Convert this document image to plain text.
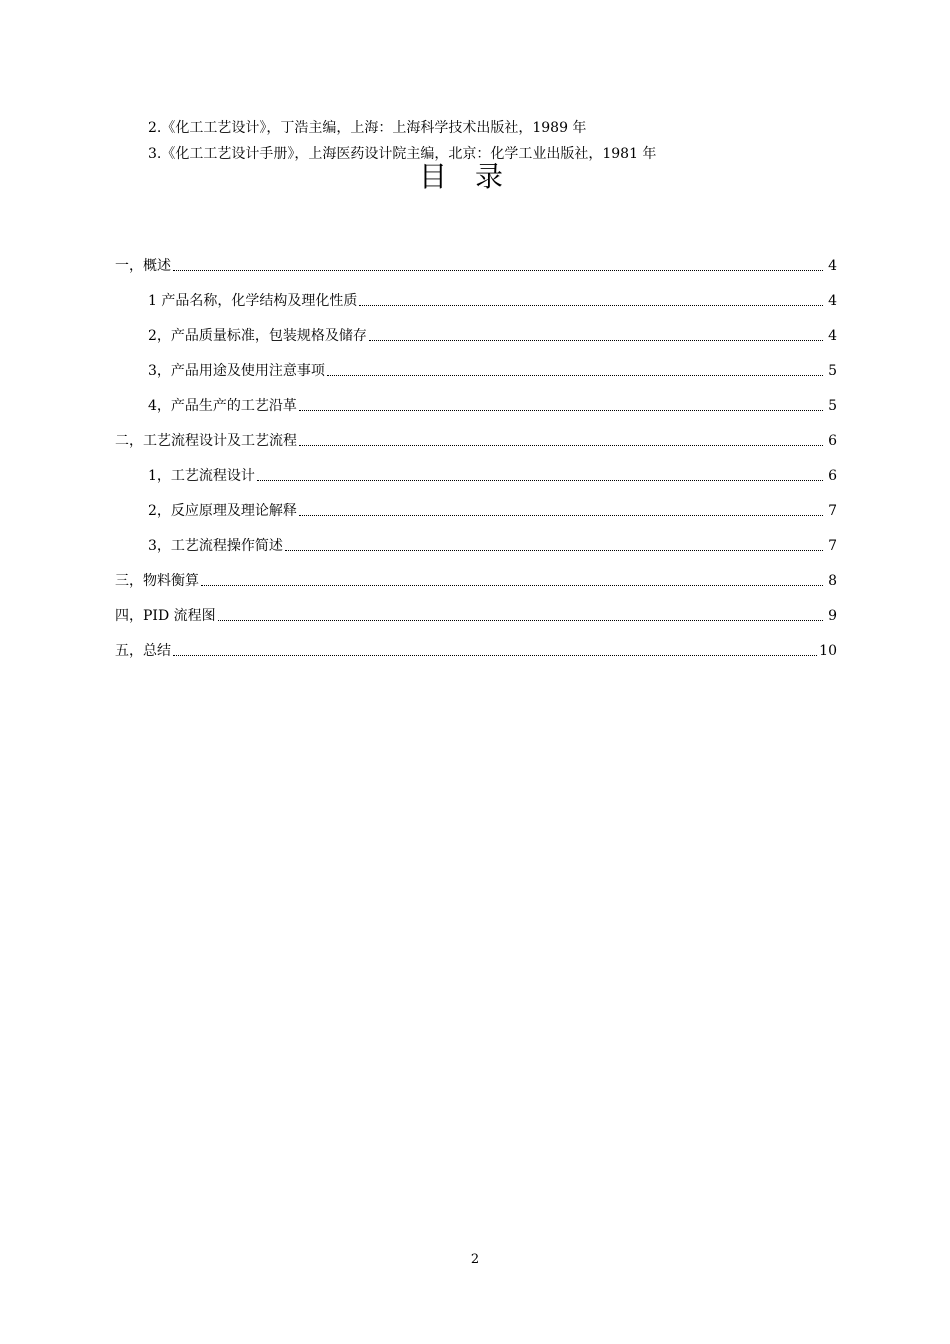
2.《化工工艺设计》，丁浩主编，上海：上海科学技术出版社，1989 年
3.《化工工艺设计手册》，上海医药设计院主编，北京：化学工业出版社，1981 年
目录
一，概述	4
1 产品名称，化学结构及理化性质	4
2，产品质量标准，包装规格及储存	4
3，产品用途及使用注意事项	5
4，产品生产的工艺沿革	5
二，工艺流程设计及工艺流程	6
1，工艺流程设计	6
2，反应原理及理论解释	7
3，工艺流程操作简述	7
三，物料衡算	8
四，PID 流程图	9
五，总结	10
2
